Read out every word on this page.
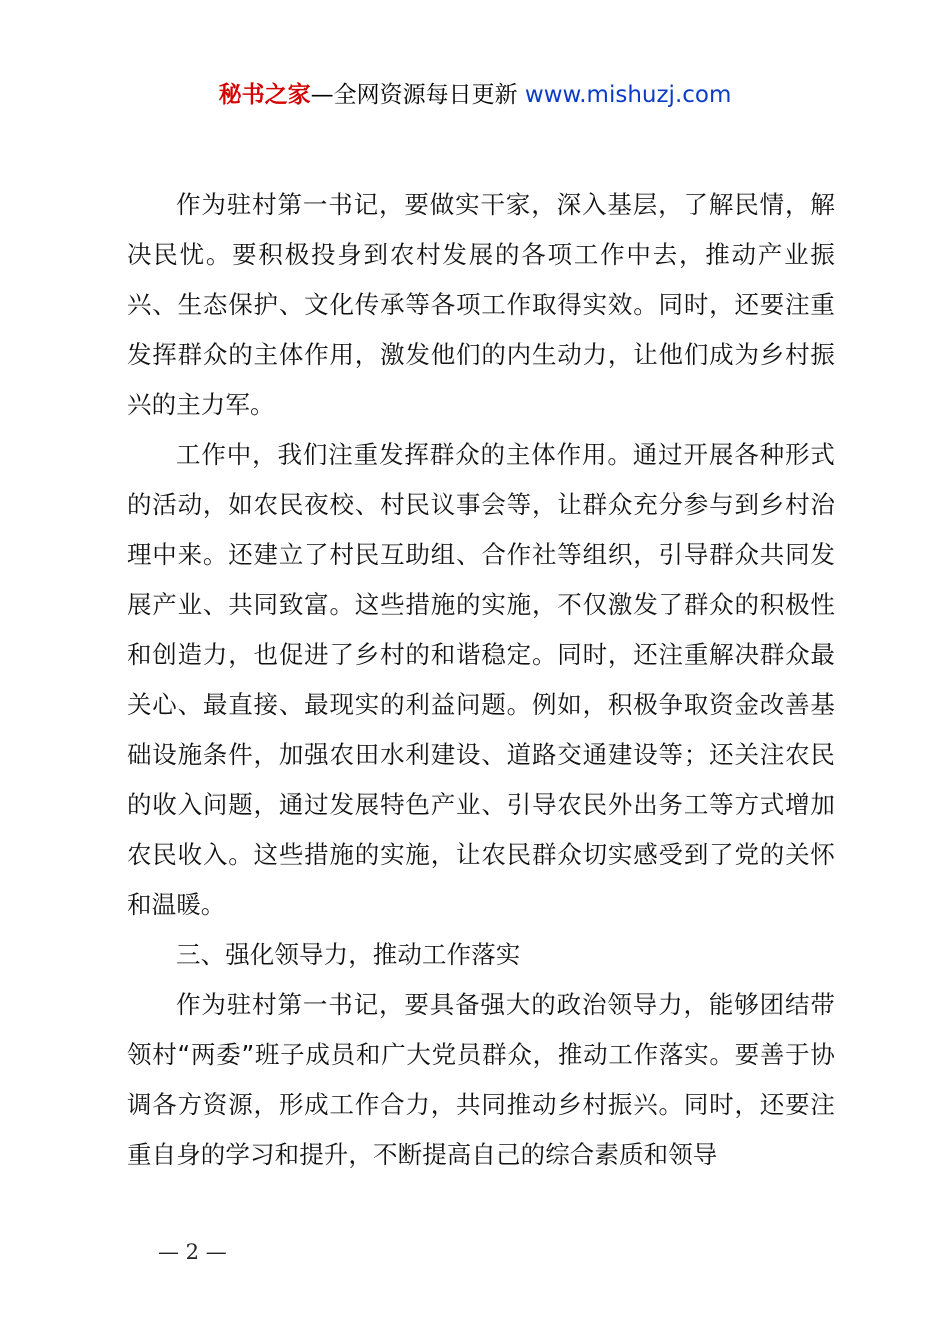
秘书之家—全网资源每日更新 www.mishuzj.com

作为驻村第一书记，要做实干家，深入基层，了解民情，解决民忧。要积极投身到农村发展的各项工作中去，推动产业振兴、生态保护、文化传承等各项工作取得实效。同时，还要注重发挥群众的主体作用，激发他们的内生动力，让他们成为乡村振兴的主力军。

工作中，我们注重发挥群众的主体作用。通过开展各种形式的活动，如农民夜校、村民议事会等，让群众充分参与到乡村治理中来。还建立了村民互助组、合作社等组织，引导群众共同发展产业、共同致富。这些措施的实施，不仅激发了群众的积极性和创造力，也促进了乡村的和谐稳定。同时，还注重解决群众最关心、最直接、最现实的利益问题。例如，积极争取资金改善基础设施条件，加强农田水利建设、道路交通建设等；还关注农民的收入问题，通过发展特色产业、引导农民外出务工等方式增加农民收入。这些措施的实施，让农民群众切实感受到了党的关怀和温暖。

三、强化领导力，推动工作落实

作为驻村第一书记，要具备强大的政治领导力，能够团结带领村“两委”班子成员和广大党员群众，推动工作落实。要善于协调各方资源，形成工作合力，共同推动乡村振兴。同时，还要注重自身的学习和提升，不断提高自己的综合素质和领导

— 2 —
